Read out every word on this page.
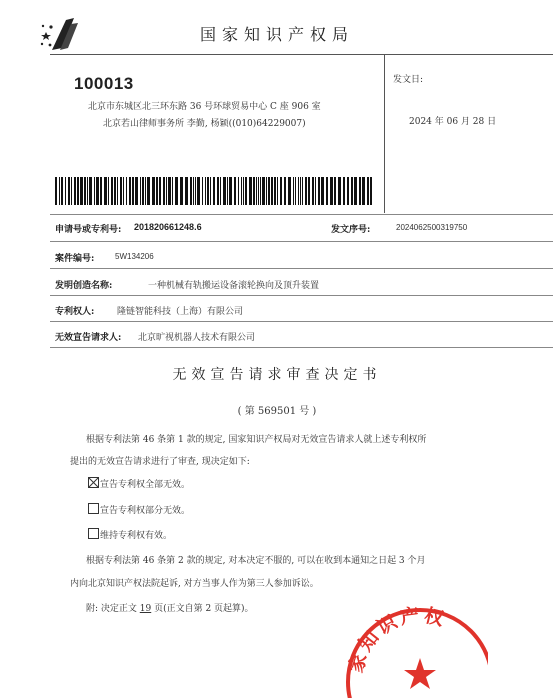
国家知识产权局
100013
北京市东城区北三环东路 36 号环球贸易中心 C 座 906 室
北京若山律师事务所 李勤, 杨颖((010)64229007)
发文日:
2024 年 06 月 28 日
申请号或专利号: 201820661248.6	发文序号:	2024062500319750
案件编号:	5W134206
发明创造名称:	一种机械有轨搬运设备滚轮换向及顶升装置
专利权人:	隆链智能科技（上海）有限公司
无效宣告请求人: 北京旷视机器人技术有限公司
无效宣告请求审查决定书
( 第 569501 号 )
根据专利法第 46 条第 1 款的规定, 国家知识产权局对无效宣告请求人就上述专利权所
提出的无效宣告请求进行了审查, 现决定如下:
宣告专利权全部无效。
宣告专利权部分无效。
维持专利权有效。
根据专利法第 46 条第 2 款的规定, 对本决定不服的, 可以在收到本通知之日起 3 个月
内向北京知识产权法院起诉, 对方当事人作为第三人参加诉讼。
附: 决定正文 19 页(正文自第 2 页起算)。
家知识产权
